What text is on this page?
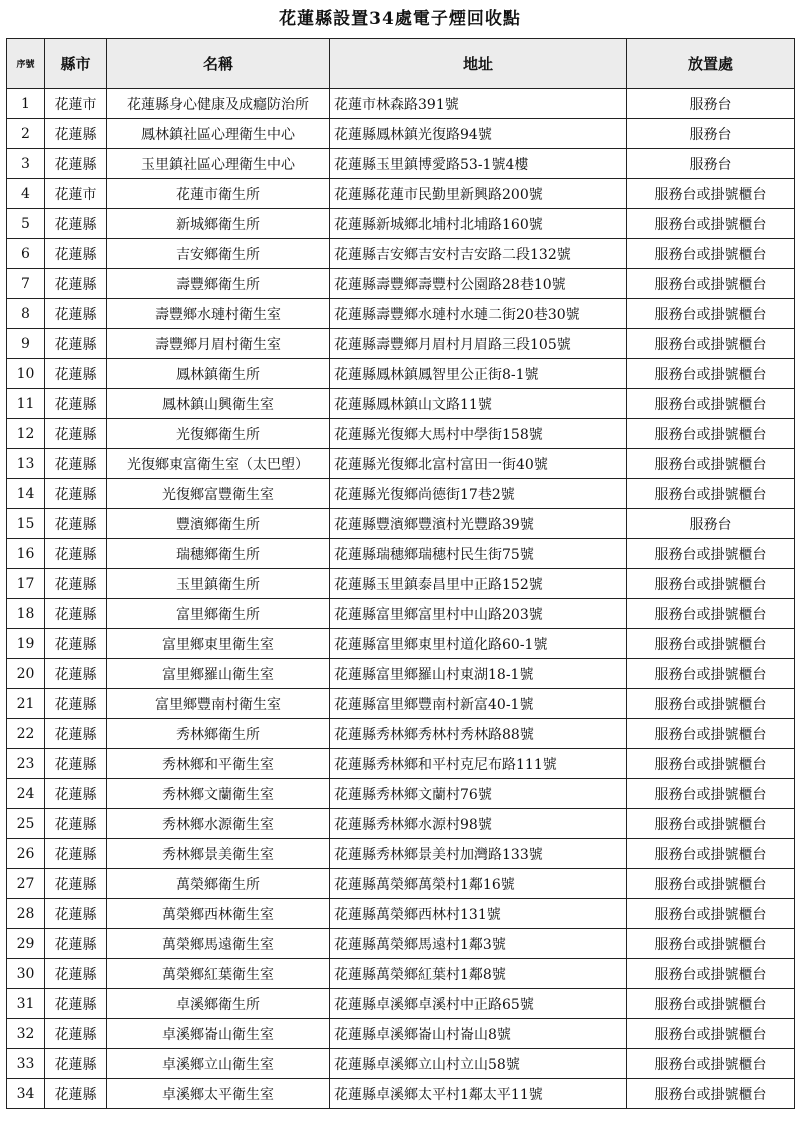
花蓮縣設置34處電子煙回收點
序號	縣市	名稱	地址	放置處
1	花蓮市	花蓮縣身心健康及成癮防治所	花蓮市林森路391號	服務台
2	花蓮縣	鳳林鎮社區心理衛生中心	花蓮縣鳳林鎮光復路94號	服務台
3	花蓮縣	玉里鎮社區心理衛生中心	花蓮縣玉里鎮博愛路53-1號4樓	服務台
4	花蓮市	花蓮市衛生所	花蓮縣花蓮市民勤里新興路200號	服務台或掛號櫃台
5	花蓮縣	新城鄉衛生所	花蓮縣新城鄉北埔村北埔路160號	服務台或掛號櫃台
6	花蓮縣	吉安鄉衛生所	花蓮縣吉安鄉吉安村吉安路二段132號	服務台或掛號櫃台
7	花蓮縣	壽豐鄉衛生所	花蓮縣壽豐鄉壽豐村公園路28巷10號	服務台或掛號櫃台
8	花蓮縣	壽豐鄉水璉村衛生室	花蓮縣壽豐鄉水璉村水璉二街20巷30號	服務台或掛號櫃台
9	花蓮縣	壽豐鄉月眉村衛生室	花蓮縣壽豐鄉月眉村月眉路三段105號	服務台或掛號櫃台
10	花蓮縣	鳳林鎮衛生所	花蓮縣鳳林鎮鳳智里公正街8-1號	服務台或掛號櫃台
11	花蓮縣	鳳林鎮山興衛生室	花蓮縣鳳林鎮山文路11號	服務台或掛號櫃台
12	花蓮縣	光復鄉衛生所	花蓮縣光復鄉大馬村中學街158號	服務台或掛號櫃台
13	花蓮縣	光復鄉東富衛生室（太巴塱）	花蓮縣光復鄉北富村富田一街40號	服務台或掛號櫃台
14	花蓮縣	光復鄉富豐衛生室	花蓮縣光復鄉尚德街17巷2號	服務台或掛號櫃台
15	花蓮縣	豐濱鄉衛生所	花蓮縣豐濱鄉豐濱村光豐路39號	服務台
16	花蓮縣	瑞穗鄉衛生所	花蓮縣瑞穗鄉瑞穗村民生街75號	服務台或掛號櫃台
17	花蓮縣	玉里鎮衛生所	花蓮縣玉里鎮泰昌里中正路152號	服務台或掛號櫃台
18	花蓮縣	富里鄉衛生所	花蓮縣富里鄉富里村中山路203號	服務台或掛號櫃台
19	花蓮縣	富里鄉東里衛生室	花蓮縣富里鄉東里村道化路60-1號	服務台或掛號櫃台
20	花蓮縣	富里鄉羅山衛生室	花蓮縣富里鄉羅山村東湖18-1號	服務台或掛號櫃台
21	花蓮縣	富里鄉豐南村衛生室	花蓮縣富里鄉豐南村新富40-1號	服務台或掛號櫃台
22	花蓮縣	秀林鄉衛生所	花蓮縣秀林鄉秀林村秀林路88號	服務台或掛號櫃台
23	花蓮縣	秀林鄉和平衛生室	花蓮縣秀林鄉和平村克尼布路111號	服務台或掛號櫃台
24	花蓮縣	秀林鄉文蘭衛生室	花蓮縣秀林鄉文蘭村76號	服務台或掛號櫃台
25	花蓮縣	秀林鄉水源衛生室	花蓮縣秀林鄉水源村98號	服務台或掛號櫃台
26	花蓮縣	秀林鄉景美衛生室	花蓮縣秀林鄉景美村加灣路133號	服務台或掛號櫃台
27	花蓮縣	萬榮鄉衛生所	花蓮縣萬榮鄉萬榮村1鄰16號	服務台或掛號櫃台
28	花蓮縣	萬榮鄉西林衛生室	花蓮縣萬榮鄉西林村131號	服務台或掛號櫃台
29	花蓮縣	萬榮鄉馬遠衛生室	花蓮縣萬榮鄉馬遠村1鄰3號	服務台或掛號櫃台
30	花蓮縣	萬榮鄉紅葉衛生室	花蓮縣萬榮鄉紅葉村1鄰8號	服務台或掛號櫃台
31	花蓮縣	卓溪鄉衛生所	花蓮縣卓溪鄉卓溪村中正路65號	服務台或掛號櫃台
32	花蓮縣	卓溪鄉崙山衛生室	花蓮縣卓溪鄉崙山村崙山8號	服務台或掛號櫃台
33	花蓮縣	卓溪鄉立山衛生室	花蓮縣卓溪鄉立山村立山58號	服務台或掛號櫃台
34	花蓮縣	卓溪鄉太平衛生室	花蓮縣卓溪鄉太平村1鄰太平11號	服務台或掛號櫃台
